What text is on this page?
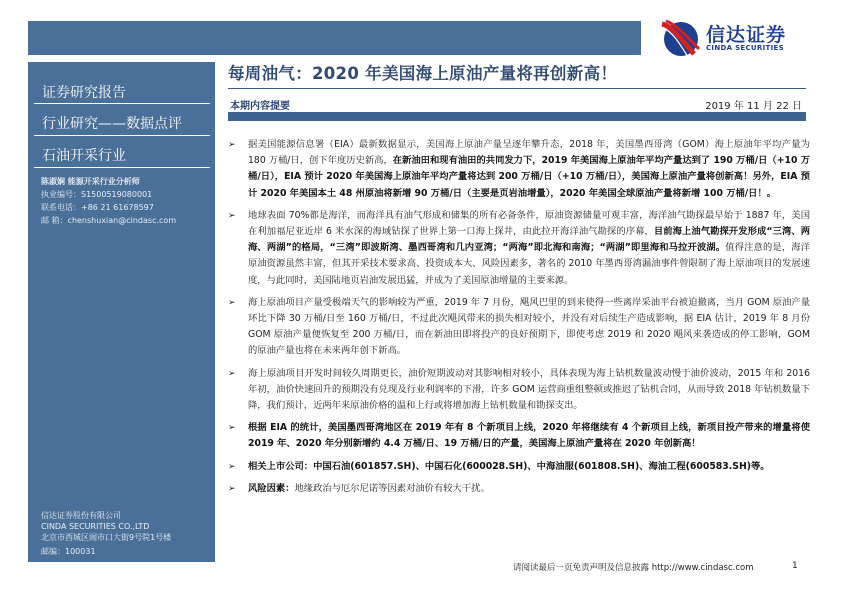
信达证券
CINDA SECURITIES
证券研究报告
行业研究——数据点评
石油开采行业
陈淑娴 能源开采行业分析师
执业编号：S1500519080001
联系电话：+86 21 61678597
邮 箱：chenshuxian@cindasc.com
信达证券股份有限公司
CINDA SECURITIES CO.,LTD
北京市西城区闹市口大街9号院1号楼
邮编：100031
每周油气：2020 年美国海上原油产量将再创新高！
本期内容提要	2019 年 11 月 22 日
➢ 据美国能源信息署（EIA）最新数据显示，美国海上原油产量呈逐年攀升态，2018 年，美国墨西哥湾（GOM）海上原油年平均产量为 180 万桶/日，创下年度历史新高，在新油田和现有油田的共同发力下，2019 年美国海上原油年平均产量达到了 190 万桶/日（+10 万桶/日），EIA 预计 2020 年美国海上原油年平均产量将达到 200 万桶/日（+10 万桶/日），美国海上原油产量将创新高！另外，EIA 预计 2020 年美国本土 48 州原油将新增 90 万桶/日（主要是页岩油增量），2020 年美国全球原油产量将新增 100 万桶/日！。
➢ 地球表面 70%都是海洋，而海洋具有油气形成和储集的所有必备条件，原油资源储量可观丰富，海洋油气勘探最早始于 1887 年，美国在利加福尼亚近岸 6 米水深的海域钻探了世界上第一口海上探井，由此拉开海洋油气勘探的序幕，目前海上油气勘探开发形成“三湾、两海、两湖”的格局，“三湾”即波斯湾、墨西哥湾和几内亚湾；“两海”即北海和南海；“两湖”即里海和马拉开波湖。值得注意的是，海洋原油资源虽然丰富，但其开采技术要求高、投资成本大、风险因素多，著名的 2010 年墨西哥湾漏油事件曾限制了海上原油项目的发展速度，与此同时，美国陆地页岩油发展迅猛，并成为了美国原油增量的主要来源。
➢ 海上原油项目产量受极端天气的影响较为严重，2019 年 7 月份，飓风巴里的到来使得一些离岸采油平台被迫撤离，当月 GOM 原油产量环比下降 30 万桶/日至 160 万桶/日，不过此次飓风带来的损失相对较小，并没有对后续生产造成影响，据 EIA 估计，2019 年 8 月份 GOM 原油产量便恢复至 200 万桶/日，而在新油田即将投产的良好预期下，即使考虑 2019 和 2020 飓风来袭造成的停工影响，GOM 的原油产量也将在未来两年创下新高。
➢ 海上原油项目开发时间较久周期更长，油价短期波动对其影响相对较小，具体表现为海上钻机数量波动慢于油价波动，2015 年和 2016 年初，油价快速回升的预期没有兑现及行业利润率的下滑，许多 GOM 运营商重组整顿或推迟了钻机合同，从而导致 2018 年钻机数量下降，我们预计，近两年来原油价格的温和上行或将增加海上钻机数量和勘探支出。
➢ 根据 EIA 的统计，美国墨西哥湾地区在 2019 年有 8 个新项目上线，2020 年将继续有 4 个新项目上线，新项目投产带来的增量将使 2019 年、2020 年分别新增约 4.4 万桶/日、19 万桶/日的产量，美国海上原油产量将在 2020 年创新高！
➢ 相关上市公司：中国石油(601857.SH)、中国石化(600028.SH)、中海油服(601808.SH)、海油工程(600583.SH)等。
➢ 风险因素：地缘政治与厄尔尼诺等因素对油价有较大干扰。
请阅读最后一页免责声明及信息披露 http://www.cindasc.com	1
